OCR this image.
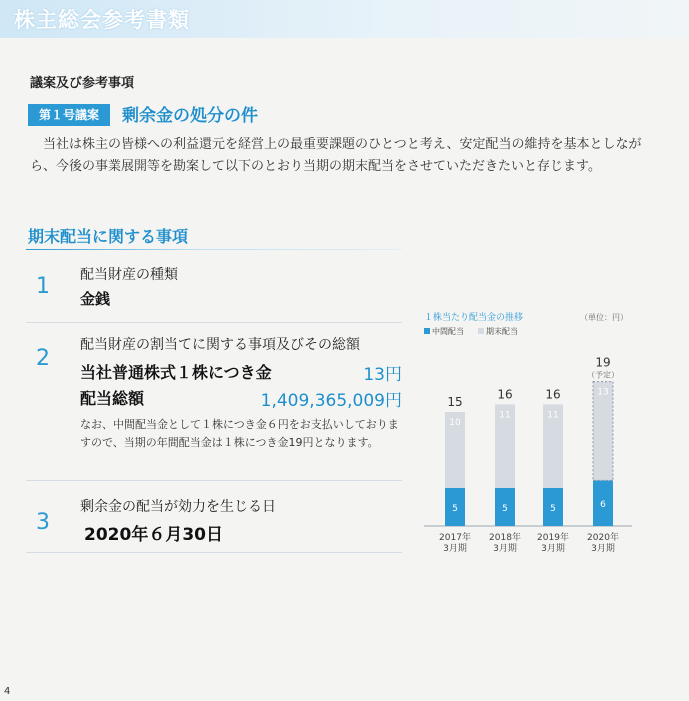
株主総会参考書類
議案及び参考事項
第１号議案	剰余金の処分の件
当社は株主の皆様への利益還元を経営上の最重要課題のひとつと考え、安定配当の維持を基本としながら、今後の事業展開等を勘案して以下のとおり当期の期末配当をさせていただきたいと存じます。
期末配当に関する事項
1 配当財産の種類
金銭
2
配当財産の割当てに関する事項及びその総額
当社普通株式１株につき金	13円
配当総額	1,409,365,009円
なお、中間配当金として１株につき金６円をお支払いしておりますので、当期の年間配当金は１株につき金19円となります。
3
剰余金の配当が効力を生じる日
2020年６月30日
１株当たり配当金の推移	（単位：円）
中間配当	期末配当
5
10
15
2017年
3月期
5
11
16
2018年
3月期
5
11
16
2019年
3月期
6
13
19
（予定）
2020年
3月期
4
